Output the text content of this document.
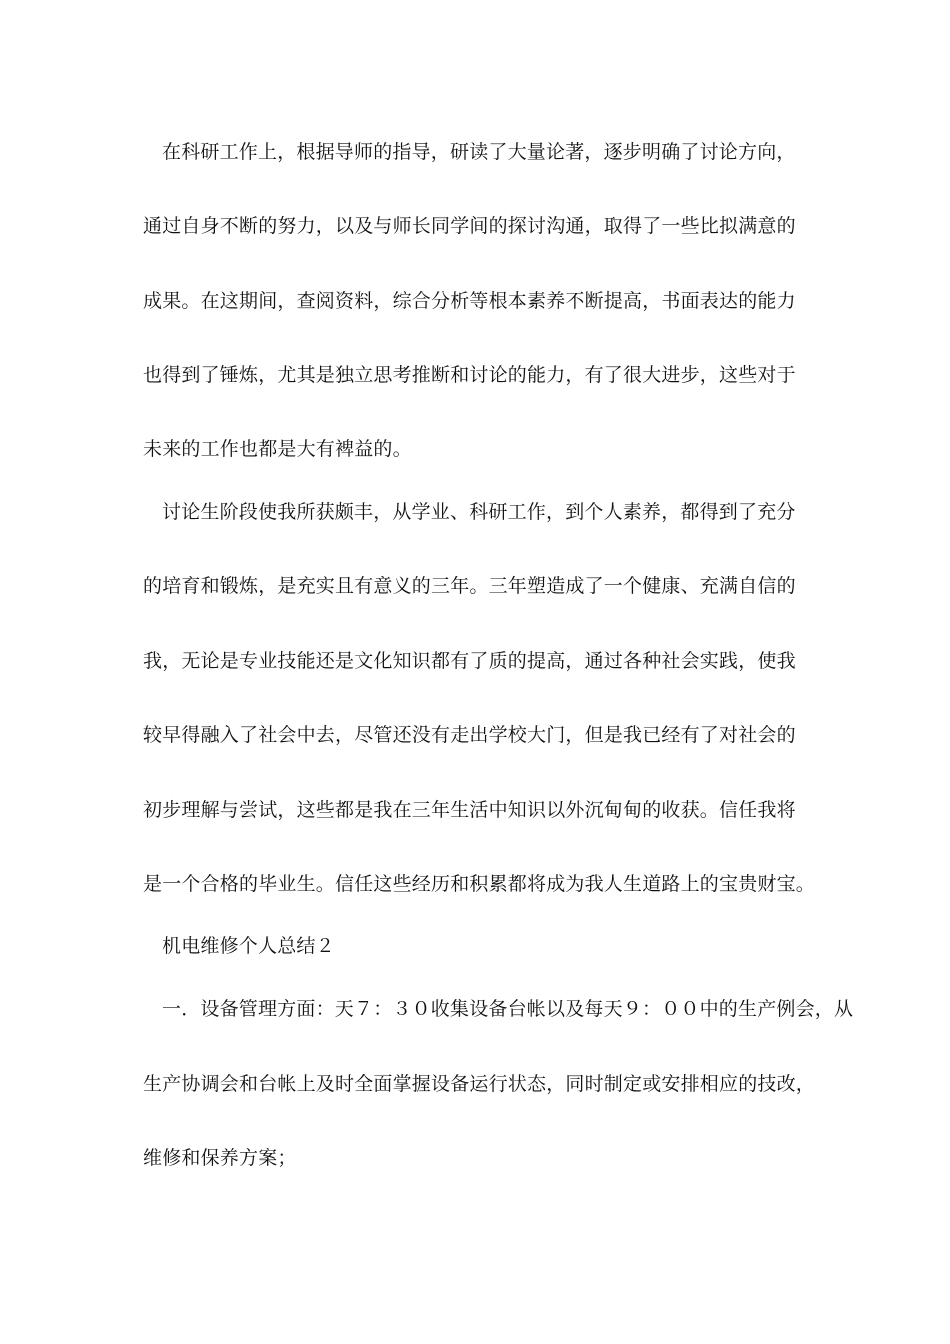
在科研工作上，根据导师的指导，研读了大量论著，逐步明确了讨论方向，
通过自身不断的努力，以及与师长同学间的探讨沟通，取得了一些比拟满意的
成果。在这期间，查阅资料，综合分析等根本素养不断提高，书面表达的能力
也得到了锤炼，尤其是独立思考推断和讨论的能力，有了很大进步，这些对于
未来的工作也都是大有裨益的。
讨论生阶段使我所获颇丰，从学业、科研工作，到个人素养，都得到了充分
的培育和锻炼，是充实且有意义的三年。三年塑造成了一个健康、充满自信的
我，无论是专业技能还是文化知识都有了质的提高，通过各种社会实践，使我
较早得融入了社会中去，尽管还没有走出学校大门，但是我已经有了对社会的
初步理解与尝试，这些都是我在三年生活中知识以外沉甸甸的收获。信任我将
是一个合格的毕业生。信任这些经历和积累都将成为我人生道路上的宝贵财宝。
机电维修个人总结２
一．设备管理方面：天７：３０收集设备台帐以及每天９：００中的生产例会，从
生产协调会和台帐上及时全面掌握设备运行状态，同时制定或安排相应的技改，
维修和保养方案；
